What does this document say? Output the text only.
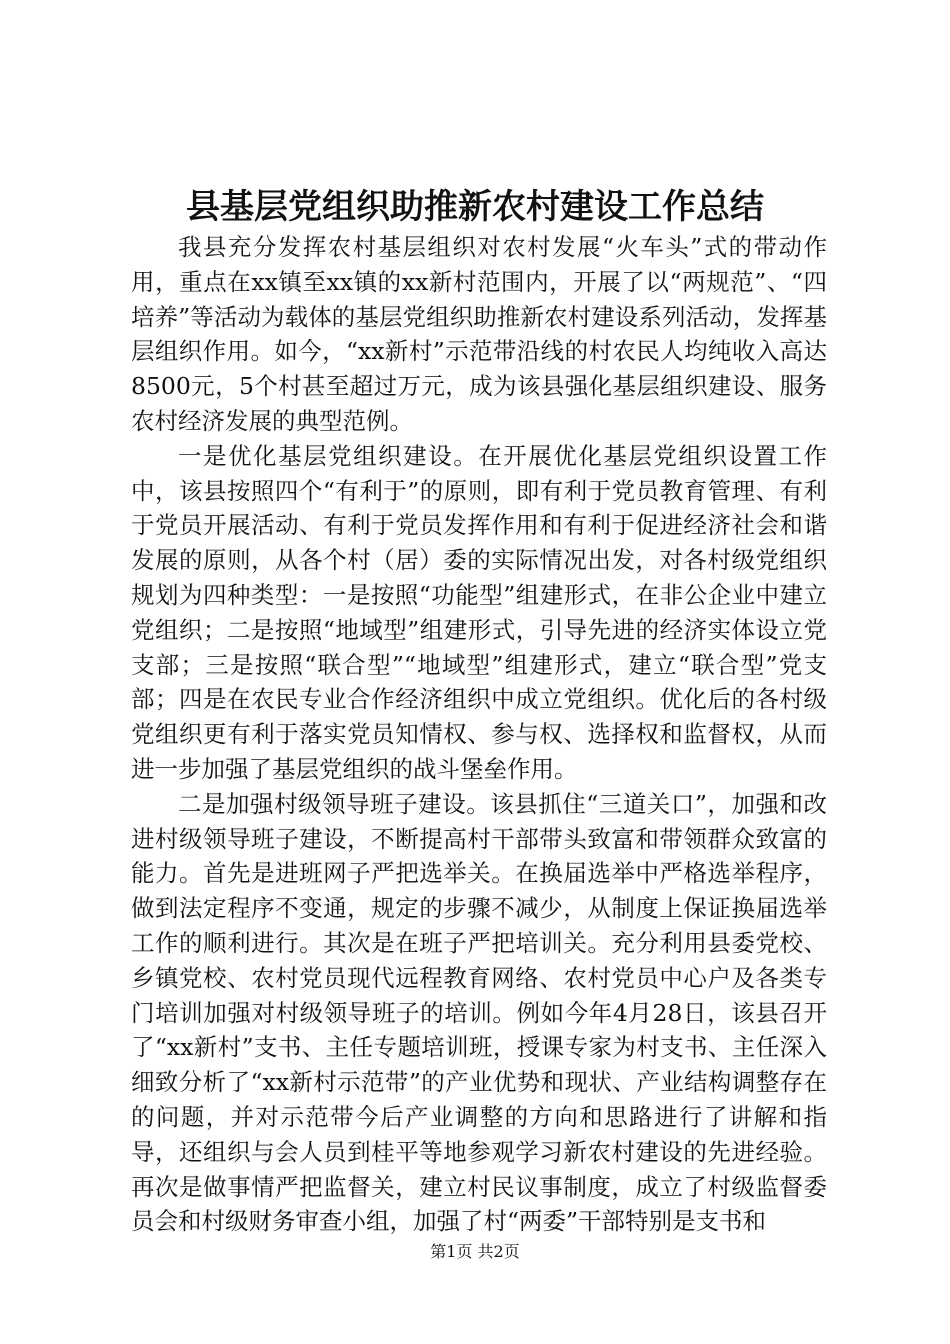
县基层党组织助推新农村建设工作总结

我县充分发挥农村基层组织对农村发展“火车头”式的带动作用，重点在xx镇至xx镇的xx新村范围内，开展了以“两规范”、“四培养”等活动为载体的基层党组织助推新农村建设系列活动，发挥基层组织作用。如今，“xx新村”示范带沿线的村农民人均纯收入高达8500元，5个村甚至超过万元，成为该县强化基层组织建设、服务农村经济发展的典型范例。

一是优化基层党组织建设。在开展优化基层党组织设置工作中，该县按照四个“有利于”的原则，即有利于党员教育管理、有利于党员开展活动、有利于党员发挥作用和有利于促进经济社会和谐发展的原则，从各个村（居）委的实际情况出发，对各村级党组织规划为四种类型：一是按照“功能型”组建形式，在非公企业中建立党组织；二是按照“地域型”组建形式，引导先进的经济实体设立党支部；三是按照“联合型”“地域型”组建形式，建立“联合型”党支部；四是在农民专业合作经济组织中成立党组织。优化后的各村级党组织更有利于落实党员知情权、参与权、选择权和监督权，从而进一步加强了基层党组织的战斗堡垒作用。

二是加强村级领导班子建设。该县抓住“三道关口”，加强和改进村级领导班子建设，不断提高村干部带头致富和带领群众致富的能力。首先是进班网子严把选举关。在换届选举中严格选举程序，做到法定程序不变通，规定的步骤不减少，从制度上保证换届选举工作的顺利进行。其次是在班子严把培训关。充分利用县委党校、乡镇党校、农村党员现代远程教育网络、农村党员中心户及各类专门培训加强对村级领导班子的培训。例如今年4月28日，该县召开了“xx新村”支书、主任专题培训班，授课专家为村支书、主任深入细致分析了“xx新村示范带”的产业优势和现状、产业结构调整存在的问题，并对示范带今后产业调整的方向和思路进行了讲解和指导，还组织与会人员到桂平等地参观学习新农村建设的先进经验。再次是做事情严把监督关，建立村民议事制度，成立了村级监督委员会和村级财务审查小组，加强了村“两委”干部特别是支书和

第1页 共2页
